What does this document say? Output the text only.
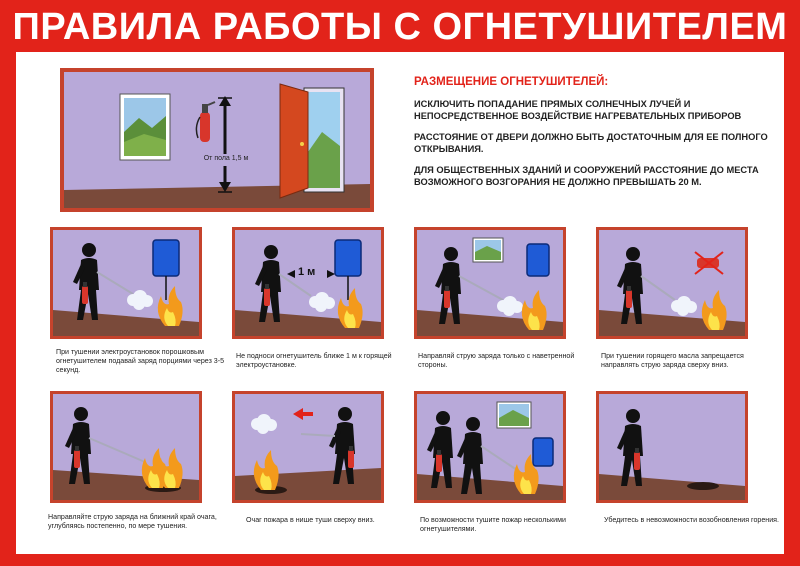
ПРАВИЛА РАБОТЫ С ОГНЕТУШИТЕЛЕМ
От пола 1,5 м
РАЗМЕЩЕНИЕ ОГНЕТУШИТЕЛЕЙ:

ИСКЛЮЧИТЬ ПОПАДАНИЕ ПРЯМЫХ СОЛНЕЧНЫХ ЛУЧЕЙ И НЕПОСРЕДСТВЕННОЕ ВОЗДЕЙСТВИЕ НАГРЕВАТЕЛЬНЫХ ПРИБОРОВ

РАССТОЯНИЕ ОТ ДВЕРИ ДОЛЖНО БЫТЬ ДОСТАТОЧНЫМ ДЛЯ ЕЕ ПОЛНОГО ОТКРЫВАНИЯ.

ДЛЯ ОБЩЕСТВЕННЫХ ЗДАНИЙ И СООРУЖЕНИЙ РАССТОЯНИЕ ДО МЕСТА ВОЗМОЖНОГО ВОЗГОРАНИЯ НЕ ДОЛЖНО ПРЕВЫШАТЬ 20 М.

1 м
При тушении электроустановок порошковым огнетушителем подавай заряд порциями через 3-5 секунд.
Не подноси огнетушитель ближе 1 м к горящей электроустановке.
Направляй струю заряда только с наветренной стороны.
При тушении горящего масла запрещается направлять струю заряда сверху вниз.
Направляйте струю заряда на ближний край очага, углубляясь постепенно, по мере тушения.
Очаг пожара в нише туши сверху вниз.	По возможности тушите пожар несколькими огнетушителями.
Убедитесь в невозможности возобновления горения.
